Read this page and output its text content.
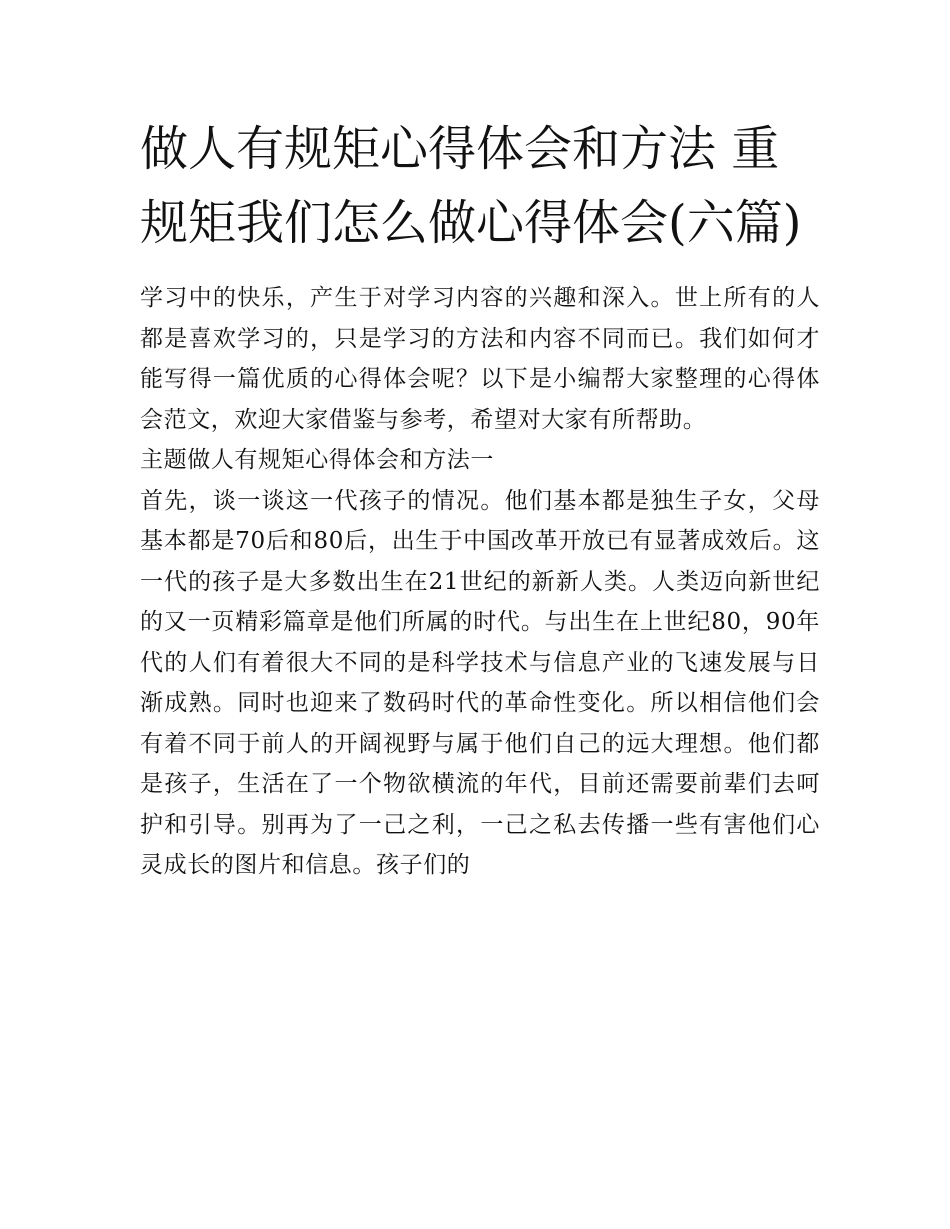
做人有规矩心得体会和方法 重规矩我们怎么做心得体会(六篇)

学习中的快乐，产生于对学习内容的兴趣和深入。世上所有的人都是喜欢学习的，只是学习的方法和内容不同而已。我们如何才能写得一篇优质的心得体会呢？以下是小编帮大家整理的心得体会范文，欢迎大家借鉴与参考，希望对大家有所帮助。

主题做人有规矩心得体会和方法一

首先，谈一谈这一代孩子的情况。他们基本都是独生子女，父母基本都是70后和80后，出生于中国改革开放已有显著成效后。这一代的孩子是大多数出生在21世纪的新新人类。人类迈向新世纪的又一页精彩篇章是他们所属的时代。与出生在上世纪80，90年代的人们有着很大不同的是科学技术与信息产业的飞速发展与日渐成熟。同时也迎来了数码时代的革命性变化。所以相信他们会有着不同于前人的开阔视野与属于他们自己的远大理想。他们都是孩子，生活在了一个物欲横流的年代，目前还需要前辈们去呵护和引导。别再为了一己之利，一己之私去传播一些有害他们心灵成长的图片和信息。孩子们的
